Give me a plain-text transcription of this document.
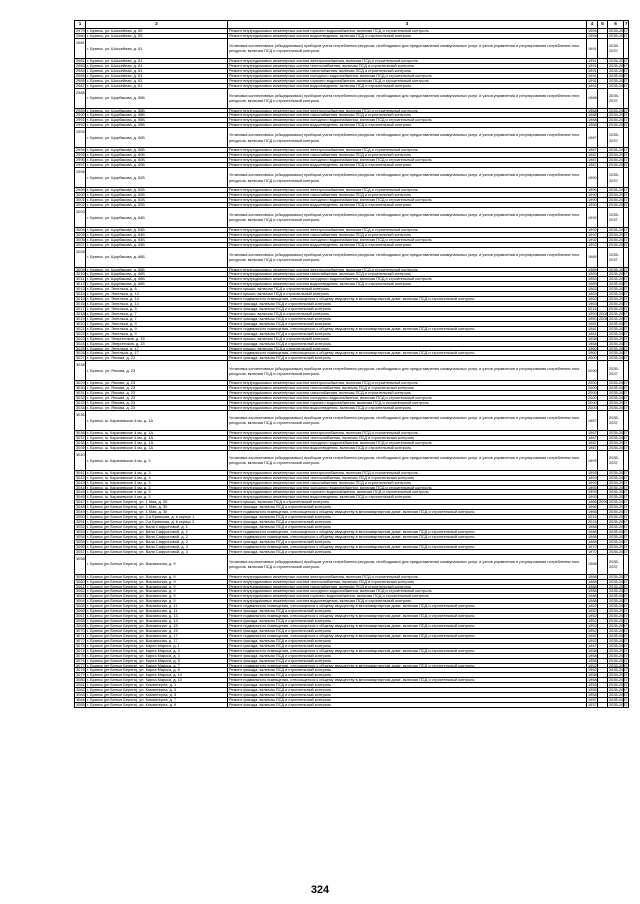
1	2	3	4	5	6	7
2979	г. Брянск, ул. Шоссейная, д. 59	Ремонт внутридомовых инженерных систем горячего водоснабжения, включая ПСД и строительный контроль	1994		2035-2037	
2980	г. Брянск, ул. Шоссейная, д. 59	Ремонт внутридомовых инженерных систем водоотведения, включая ПСД и строительный контроль	1994		2035-2037	
2981	г. Брянск, ул. Шоссейная, д. 61	Установка коллективных (общедомовых) приборов учета потребления ресурсов, необходимых для предоставления коммунальных услуг, и узлов управления и регулирования потребления этих ресурсов, включая ПСД и строительный контроль	1991		2035-2037	
2982	г. Брянск, ул. Шоссейная, д. 61	Ремонт внутридомовых инженерных систем электроснабжения, включая ПСД и строительный контроль	1991		2035-2037	
2983	г. Брянск, ул. Шоссейная, д. 61	Ремонт внутридомовых инженерных систем теплоснабжения, включая ПСД и строительный контроль	1991		2035-2037	
2984	г. Брянск, ул. Шоссейная, д. 61	Ремонт внутридомовых инженерных систем газоснабжения, включая ПСД и строительный контроль	1991		2035-2037	
2985	г. Брянск, ул. Шоссейная, д. 61	Ремонт внутридомовых инженерных систем холодного водоснабжения, включая ПСД и строительный контроль	1991		2035-2037	
2986	г. Брянск, ул. Шоссейная, д. 61	Ремонт внутридомовых инженерных систем горячего водоснабжения, включая ПСД и строительный контроль	1991		2035-2037	
2987	г. Брянск, ул. Шоссейная, д. 61	Ремонт внутридомовых инженерных систем водоотведения, включая ПСД и строительный контроль	1991		2035-2037	
2988	г. Брянск, ул. Щорбакова, д. 58Б	Установка коллективных (общедомовых) приборов учета потребления ресурсов, необходимых для предоставления коммунальных услуг, и узлов управления и регулирования потребления этих ресурсов, включая ПСД и строительный контроль	1988		2035-2037	
2989	г. Брянск, ул. Щорбакова, д. 58Б	Ремонт внутридомовых инженерных систем электроснабжения, включая ПСД и строительный контроль	1988		2035-2037	
2990	г. Брянск, ул. Щорбакова, д. 58Б	Ремонт внутридомовых инженерных систем газоснабжения, включая ПСД и строительный контроль	1988		2035-2037	
2991	г. Брянск, ул. Щорбакова, д. 58Б	Ремонт внутридомовых инженерных систем холодного водоснабжения, включая ПСД и строительный контроль	1988		2035-2037	
2992	г. Брянск, ул. Щорбакова, д. 58Б	Ремонт внутридомовых инженерных систем водоотведения, включая ПСД и строительный контроль	1988		2035-2037	
2993	г. Брянск, ул. Щорбакова, д. 60Б	Установка коллективных (общедомовых) приборов учета потребления ресурсов, необходимых для предоставления коммунальных услуг, и узлов управления и регулирования потребления этих ресурсов, включая ПСД и строительный контроль	1987		2035-2037	
2994	г. Брянск, ул. Щорбакова, д. 60Б	Ремонт внутридомовых инженерных систем электроснабжения, включая ПСД и строительный контроль	1987		2035-2037	
2995	г. Брянск, ул. Щорбакова, д. 60Б	Ремонт внутридомовых инженерных систем газоснабжения, включая ПСД и строительный контроль	1987		2035-2037	
2996	г. Брянск, ул. Щорбакова, д. 60Б	Ремонт внутридомовых инженерных систем холодного водоснабжения, включая ПСД и строительный контроль	1987		2035-2037	
2997	г. Брянск, ул. Щорбакова, д. 60Б	Ремонт внутридомовых инженерных систем водоотведения, включая ПСД и строительный контроль	1987		2035-2037	
2998	г. Брянск, ул. Щорбакова, д. 62Б	Установка коллективных (общедомовых) приборов учета потребления ресурсов, необходимых для предоставления коммунальных услуг, и узлов управления и регулирования потребления этих ресурсов, включая ПСД и строительный контроль	1990		2035-2037	
2999	г. Брянск, ул. Щорбакова, д. 62Б	Ремонт внутридомовых инженерных систем электроснабжения, включая ПСД и строительный контроль	1990		2035-2037	
3000	г. Брянск, ул. Щорбакова, д. 62Б	Ремонт внутридомовых инженерных систем газоснабжения, включая ПСД и строительный контроль	1990		2035-2037	
3001	г. Брянск, ул. Щорбакова, д. 62Б	Ремонт внутридомовых инженерных систем холодного водоснабжения, включая ПСД и строительный контроль	1990		2035-2037	
3002	г. Брянск, ул. Щорбакова, д. 62Б	Ремонт внутридомовых инженерных систем водоотведения, включая ПСД и строительный контроль	1990		2035-2037	
3003	г. Брянск, ул. Щорбакова, д. 64Б	Установка коллективных (общедомовых) приборов учета потребления ресурсов, необходимых для предоставления коммунальных услуг, и узлов управления и регулирования потребления этих ресурсов, включая ПСД и строительный контроль	1992		2035-2037	
3004	г. Брянск, ул. Щорбакова, д. 64Б	Ремонт внутридомовых инженерных систем электроснабжения, включая ПСД и строительный контроль	1992		2035-2037	
3005	г. Брянск, ул. Щорбакова, д. 64Б	Ремонт внутридомовых инженерных систем газоснабжения, включая ПСД и строительный контроль	1992		2035-2037	
3006	г. Брянск, ул. Щорбакова, д. 64Б	Ремонт внутридомовых инженерных систем холодного водоснабжения, включая ПСД и строительный контроль	1992		2035-2037	
3007	г. Брянск, ул. Щорбакова, д. 64Б	Ремонт внутридомовых инженерных систем водоотведения, включая ПСД и строительный контроль	1992		2035-2037	
3008	г. Брянск, ул. Щорбакова, д. 66Б	Установка коллективных (общедомовых) приборов учета потребления ресурсов, необходимых для предоставления коммунальных услуг, и узлов управления и регулирования потребления этих ресурсов, включая ПСД и строительный контроль	1989		2035-2037	
3009	г. Брянск, ул. Щорбакова, д. 66Б	Ремонт внутридомовых инженерных систем электроснабжения, включая ПСД и строительный контроль	1989		2035-2037	
3010	г. Брянск, ул. Щорбакова, д. 66Б	Ремонт внутридомовых инженерных систем газоснабжения, включая ПСД и строительный контроль	1989		2035-2037	
3011	г. Брянск, ул. Щорбакова, д. 66Б	Ремонт внутридомовых инженерных систем холодного водоснабжения, включая ПСД и строительный контроль	1989		2035-2037	
3012	г. Брянск, ул. Щорбакова, д. 66Б	Ремонт внутридомовых инженерных систем водоотведения, включая ПСД и строительный контроль	1989		2035-2037	
3013	г. Брянск, ул. Энгельса, д. 8	Ремонт крыши, включая ПСД и строительный контроль	1963		2035-2037	
3014	г. Брянск, ул. Энгельса, д. 14	Ремонт крыши, включая ПСД и строительный контроль	1963		2035-2037	
3015	г. Брянск, ул. Энгельса, д. 14	Ремонт подвального помещения, относящегося к общему имуществу в многоквартирном доме, включая ПСД и строительный контроль	1963		2035-2037	
3016	г. Брянск, ул. Энгельса, д. 14	Ремонт фасада, включая ПСД и строительный контроль	1963		2035-2037	
3017	г. Брянск, ул. Энгельса, д. 5	Ремонт фасада, включая ПСД и строительный контроль	2016		2035-2037	
3018	г. Брянск, ул. Энгельса, д. 7	Ремонт крыши, включая ПСД и строительный контроль	1950	2008	2035-2037	
3019	г. Брянск, ул. Энгельса, д. 7	Ремонт фасада, включая ПСД и строительный контроль	1950	2008	2035-2037	
3020	г. Брянск, ул. Энгельса, д. 9	Ремонт фасада, включая ПСД и строительный контроль	1981		2035-2037	
3021	г. Брянск, ул. Энгельса, д. 9	Ремонт подвального помещения, относящегося к общему имуществу в многоквартирном доме, включая ПСД и строительный контроль	1981		2035-2037	
3022	г. Брянск, ул. Энгельса, д. 9	Ремонт фасада, включая ПСД и строительный контроль	1981		2035-2037	
3023	г. Брянск, ул. Энергетиков, д. 15	Ремонт крыши, включая ПСД и строительный контроль	1958		2035-2037	
3024	г. Брянск, ул. Энергетиков, д. 15	Ремонт фасада, включая ПСД и строительный контроль	1958		2035-2037	
3025	г. Брянск, ул. Энгельса, д. 17	Ремонт крыши, включая ПСД и строительный контроль	1960		2035-2037	
3026	г. Брянск, ул. Энгельса, д. 17	Ремонт подвального помещения, относящегося к общему имуществу в многоквартирном доме, включая ПСД и строительный контроль	1960		2035-2037	
3027	г. Брянск, ул. Янкова, д. 21	Ремонт фасада, включая ПСД и строительный контроль	2000		2035-2037	
3028	г. Брянск, ул. Янкова, д. 23	Установка коллективных (общедомовых) приборов учета потребления ресурсов, необходимых для предоставления коммунальных услуг, и узлов управления и регулирования потребления этих ресурсов, включая ПСД и строительный контроль	2000		2035-2037	
3029	г. Брянск, ул. Янкова, д. 23	Ремонт внутридомовых инженерных систем электроснабжения, включая ПСД и строительный контроль	2000		2035-2037	
3030	г. Брянск, ул. Янкова, д. 23	Ремонт внутридомовых инженерных систем теплоснабжения, включая ПСД и строительный контроль	2000		2035-2037	
3031	г. Брянск, ул. Янкова, д. 23	Ремонт внутридомовых инженерных систем газоснабжения, включая ПСД и строительный контроль	2000		2035-2037	
3032	г. Брянск, ул. Янкова, д. 23	Ремонт внутридомовых инженерных систем холодного водоснабжения, включая ПСД и строительный контроль	2000		2035-2037	
3033	г. Брянск, ул. Янкова, д. 23	Ремонт внутридомовых инженерных систем горячего водоснабжения, включая ПСД и строительный контроль	2000		2035-2037	
3034	г. Брянск, ул. Янкова, д. 23	Ремонт внутридомовых инженерных систем водоотведения, включая ПСД и строительный контроль	2000		2035-2037	
3035	г. Брянск, ш. Карачевское 4 км, д. 1А	Установка коллективных (общедомовых) приборов учета потребления ресурсов, необходимых для предоставления коммунальных услуг, и узлов управления и регулирования потребления этих ресурсов, включая ПСД и строительный контроль	1987		2035-2037	
3036	г. Брянск, ш. Карачевское 4 км, д. 1А	Ремонт внутридомовых инженерных систем электроснабжения, включая ПСД и строительный контроль	1987		2035-2037	
3037	г. Брянск, ш. Карачевское 4 км, д. 1А	Ремонт внутридомовых инженерных систем теплоснабжения, включая ПСД и строительный контроль	1987		2035-2037	
3038	г. Брянск, ш. Карачевское 4 км, д. 1А	Ремонт внутридомовых инженерных систем холодного водоснабжения, включая ПСД и строительный контроль	1987		2035-2037	
3039	г. Брянск, ш. Карачевское 4 км, д. 1А	Ремонт внутридомовых инженерных систем водоотведения, включая ПСД и строительный контроль	1987		2035-2037	
3040	г. Брянск, ш. Карачевское 4 км, д. 3	Установка коллективных (общедомовых) приборов учета потребления ресурсов, необходимых для предоставления коммунальных услуг, и узлов управления и регулирования потребления этих ресурсов, включая ПСД и строительный контроль	1993		2035-2037	
3041	г. Брянск, ш. Карачевское 4 км, д. 3	Ремонт внутридомовых инженерных систем электроснабжения, включая ПСД и строительный контроль	1993		2035-2037	
3042	г. Брянск, ш. Карачевское 4 км, д. 3	Ремонт внутридомовых инженерных систем теплоснабжения, включая ПСД и строительный контроль	1993		2035-2037	
3043	г. Брянск, ш. Карачевское 4 км, д. 3	Ремонт внутридомовых инженерных систем газоснабжения, включая ПСД и строительный контроль	1993		2035-2037	
3044	г. Брянск, ш. Карачевское 4 км, д. 3	Ремонт внутридомовых инженерных систем холодного водоснабжения, включая ПСД и строительный контроль	1993		2035-2037	
3045	г. Брянск, ш. Карачевское 4 км, д. 3	Ремонт внутридомовых инженерных систем горячего водоснабжения, включая ПСД и строительный контроль	1993		2035-2037	
3046	г. Брянск, ш. Карачевское 4 км, д. 3	Ремонт внутридомовых инженерных систем водоотведения, включая ПСД и строительный контроль	1993		2035-2037	
3047	г. Брянск (рп Белые Берега), ул. 1 Мая, д. 30	Ремонт крыши, включая ПСД и строительный контроль	1966	2006	2035-2037	
3048	г. Брянск (рп Белые Берега), ул. 1 Мая, д. 30	Ремонт фасада, включая ПСД и строительный контроль	1966		2035-2037	
3049	г. Брянск (рп Белые Берега), ул. 1 Мая, д. 30	Ремонт подвального помещения, относящегося к общему имуществу в многоквартирном доме, включая ПСД и строительный контроль	1966		2035-2037	
3050	г. Брянск (рп Белые Берега), ул. 2-я Брянская, д. 6 корпус 1	Ремонт фасада, включая ПСД и строительный контроль	2015		2035-2037	
3051	г. Брянск (рп Белые Берега), ул. 2-я Брянская, д. 6 корпус 2	Ремонт фасада, включая ПСД и строительный контроль	2015		2035-2037	
3052	г. Брянск (рп Белые Берега), ул. Вали Сафроновой, д. 1	Ремонт фасада, включая ПСД и строительный контроль	1988		2035-2037	
3053	г. Брянск (рп Белые Берега), ул. Вали Сафроновой, д. 1	Ремонт подвального помещения, относящегося к общему имуществу в многоквартирном доме, включая ПСД и строительный контроль	1988		2035-2037	
3054	г. Брянск (рп Белые Берега), ул. Вали Сафроновой, д. 2	Ремонт подвального помещения, относящегося к общему имуществу в многоквартирном доме, включая ПСД и строительный контроль	1988		2035-2037	
3055	г. Брянск (рп Белые Берега), ул. Вали Сафроновой, д. 2	Ремонт фасада, включая ПСД и строительный контроль	1988		2035-2037	
3056	г. Брянск (рп Белые Берега), ул. Вали Сафроновой, д. 3	Ремонт подвального помещения, относящегося к общему имуществу в многоквартирном доме, включая ПСД и строительный контроль	1970		2035-2037	
3057	г. Брянск (рп Белые Берега), ул. Вали Сафроновой, д. 3	Ремонт фасада, включая ПСД и строительный контроль	1970		2035-2037	
3058	г. Брянск (рп Белые Берега), ул. Вокзальная, д. 9	Установка коллективных (общедомовых) приборов учета потребления ресурсов, необходимых для предоставления коммунальных услуг, и узлов управления и регулирования потребления этих ресурсов, включая ПСД и строительный контроль	1988		2035-2037	
3059	г. Брянск (рп Белые Берега), ул. Вокзальная, д. 9	Ремонт внутридомовых инженерных систем электроснабжения, включая ПСД и строительный контроль	1988		2035-2037	
3060	г. Брянск (рп Белые Берега), ул. Вокзальная, д. 9	Ремонт внутридомовых инженерных систем теплоснабжения, включая ПСД и строительный контроль	1988		2035-2037	
3061	г. Брянск (рп Белые Берега), ул. Вокзальная, д. 9	Ремонт внутридомовых инженерных систем газоснабжения, включая ПСД и строительный контроль	1988		2035-2037	
3062	г. Брянск (рп Белые Берега), ул. Вокзальная, д. 9	Ремонт внутридомовых инженерных систем холодного водоснабжения, включая ПСД и строительный контроль	1988		2035-2037	
3063	г. Брянск (рп Белые Берега), ул. Вокзальная, д. 9	Ремонт внутридомовых инженерных систем горячего водоснабжения, включая ПСД и строительный контроль	1988		2035-2037	
3064	г. Брянск (рп Белые Берега), ул. Вокзальная, д. 9	Ремонт внутридомовых инженерных систем водоотведения, включая ПСД и строительный контроль	1988		2035-2037	
3065	г. Брянск (рп Белые Берега), ул. Вокзальная, д. 11	Ремонт подвального помещения, относящегося к общему имуществу в многоквартирном доме, включая ПСД и строительный контроль	1952		2035-2037	
3066	г. Брянск (рп Белые Берега), ул. Вокзальная, д. 11	Ремонт фасада, включая ПСД и строительный контроль	1952		2035-2037	
3067	г. Брянск (рп Белые Берега), ул. Вокзальная, д. 13	Ремонт подвального помещения, относящегося к общему имуществу в многоквартирном доме, включая ПСД и строительный контроль	1952		2035-2037	
3068	г. Брянск (рп Белые Берега), ул. Вокзальная, д. 13	Ремонт фасада, включая ПСД и строительный контроль	1952		2035-2037	
3069	г. Брянск (рп Белые Берега), ул. Вокзальная, д. 15	Ремонт подвального помещения, относящегося к общему имуществу в многоквартирном доме, включая ПСД и строительный контроль	1952		2035-2037	
3070	г. Брянск (рп Белые Берега), ул. Вокзальная, д. 15	Ремонт фасада, включая ПСД и строительный контроль	1952		2035-2037	
3071	г. Брянск (рп Белые Берега), ул. Вокзальная, д. 17	Ремонт подвального помещения, относящегося к общему имуществу в многоквартирном доме, включая ПСД и строительный контроль	1952		2035-2037	
3072	г. Брянск (рп Белые Берега), ул. Вокзальная, д. 17	Ремонт фасада, включая ПСД и строительный контроль	1952		2035-2037	
3073	г. Брянск (рп Белые Берега), ул. Карла Маркса, д. 1	Ремонт фасада, включая ПСД и строительный контроль	1947		2035-2037	
3074	г. Брянск (рп Белые Берега), ул. Карла Маркса, д. 3	Ремонт подвального помещения, относящегося к общему имуществу в многоквартирном доме, включая ПСД и строительный контроль	1958		2035-2037	
3075	г. Брянск (рп Белые Берега), ул. Карла Маркса, д. 3	Ремонт фасада, включая ПСД и строительный контроль	1958		2035-2037	
3076	г. Брянск (рп Белые Берега), ул. Карла Маркса, д. 5	Ремонт фасада, включая ПСД и строительный контроль	1958		2035-2037	
3077	г. Брянск (рп Белые Берега), ул. Карла Маркса, д. 7	Ремонт подвального помещения, относящегося к общему имуществу в многоквартирном доме, включая ПСД и строительный контроль	1952		2035-2037	
3078	г. Брянск (рп Белые Берега), ул. Карла Маркса, д. 8	Ремонт фасада, включая ПСД и строительный контроль	1952		2035-2037	
3079	г. Брянск (рп Белые Берега), ул. Карла Маркса, д. 10	Ремонт фасада, включая ПСД и строительный контроль	1958		2035-2037	
3080	г. Брянск (рп Белые Берега), ул. Карла Маркса, д. 10	Ремонт подвального помещения, относящегося к общему имуществу в многоквартирном доме, включая ПСД и строительный контроль	1958		2035-2037	
3081	г. Брянск (рп Белые Берега), ул. Коминтерна, д. 1	Ремонт фасада, включая ПСД и строительный контроль	1955		2035-2037	
3082	г. Брянск (рп Белые Берега), ул. Коминтерна, д. 3	Ремонт фасада, включая ПСД и строительный контроль	1955		2035-2037	
3083	г. Брянск (рп Белые Берега), ул. Коминтерна, д. 5	Ремонт фасада, включая ПСД и строительный контроль	1958		2035-2037	
3084	г. Брянск (рп Белые Берега), ул. Коминтерна, д. 7	Ремонт фасада, включая ПСД и строительный контроль	1957		2035-2037	
3085	г. Брянск (рп Белые Берега), ул. Коминтерна, д. 9	Ремонт фасада, включая ПСД и строительный контроль	1937		2035-2037	
324
